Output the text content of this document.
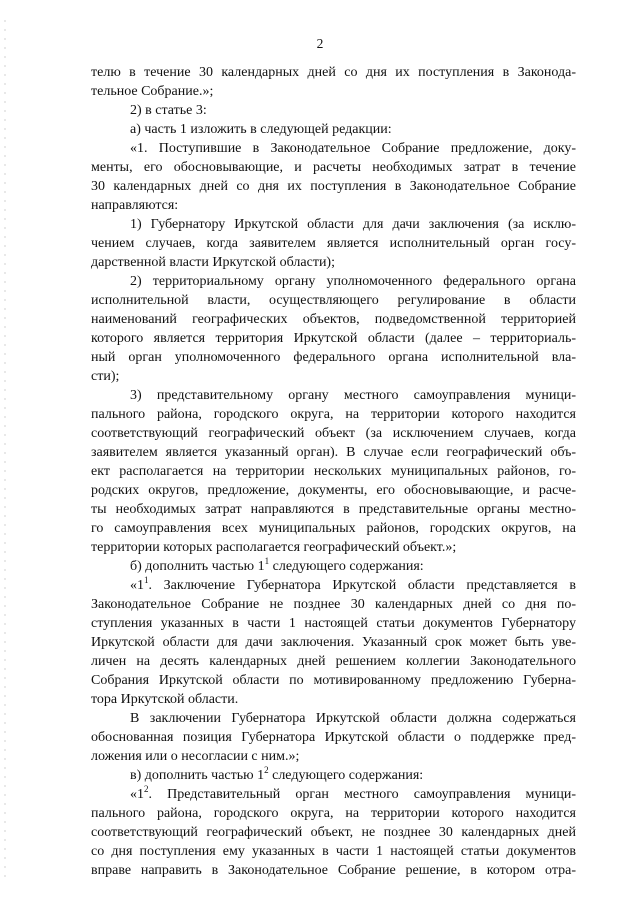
2
телю в течение 30 календарных дней со дня их поступления в Законода-
тельное Собрание.»;
2) в статье 3:
а) часть 1 изложить в следующей редакции:
«1. Поступившие в Законодательное Собрание предложение, доку-
менты, его обосновывающие, и расчеты необходимых затрат в течение
30 календарных дней со дня их поступления в Законодательное Собрание
направляются:
1) Губернатору Иркутской области для дачи заключения (за исклю-
чением случаев, когда заявителем является исполнительный орган госу-
дарственной власти Иркутской области);
2) территориальному органу уполномоченного федерального органа
исполнительной власти, осуществляющего регулирование в области
наименований географических объектов, подведомственной территорией
которого является территория Иркутской области (далее – территориаль-
ный орган уполномоченного федерального органа исполнительной вла-
сти);
3) представительному органу местного самоуправления муници-
пального района, городского округа, на территории которого находится
соответствующий географический объект (за исключением случаев, когда
заявителем является указанный орган). В случае если географический объ-
ект располагается на территории нескольких муниципальных районов, го-
родских округов, предложение, документы, его обосновывающие, и расче-
ты необходимых затрат направляются в представительные органы местно-
го самоуправления всех муниципальных районов, городских округов, на
территории которых располагается географический объект.»;
б) дополнить частью $1^1$ следующего содержания:
«$1^1$. Заключение Губернатора Иркутской области представляется в
Законодательное Собрание не позднее 30 календарных дней со дня по-
ступления указанных в части 1 настоящей статьи документов Губернатору
Иркутской области для дачи заключения. Указанный срок может быть уве-
личен на десять календарных дней решением коллегии Законодательного
Собрания Иркутской области по мотивированному предложению Губерна-
тора Иркутской области.
В заключении Губернатора Иркутской области должна содержаться
обоснованная позиция Губернатора Иркутской области о поддержке пред-
ложения или о несогласии с ним.»;
в) дополнить частью $1^2$ следующего содержания:
«$1^2$. Представительный орган местного самоуправления муници-
пального района, городского округа, на территории которого находится
соответствующий географический объект, не позднее 30 календарных дней
со дня поступления ему указанных в части 1 настоящей статьи документов
вправе направить в Законодательное Собрание решение, в котором отра-
